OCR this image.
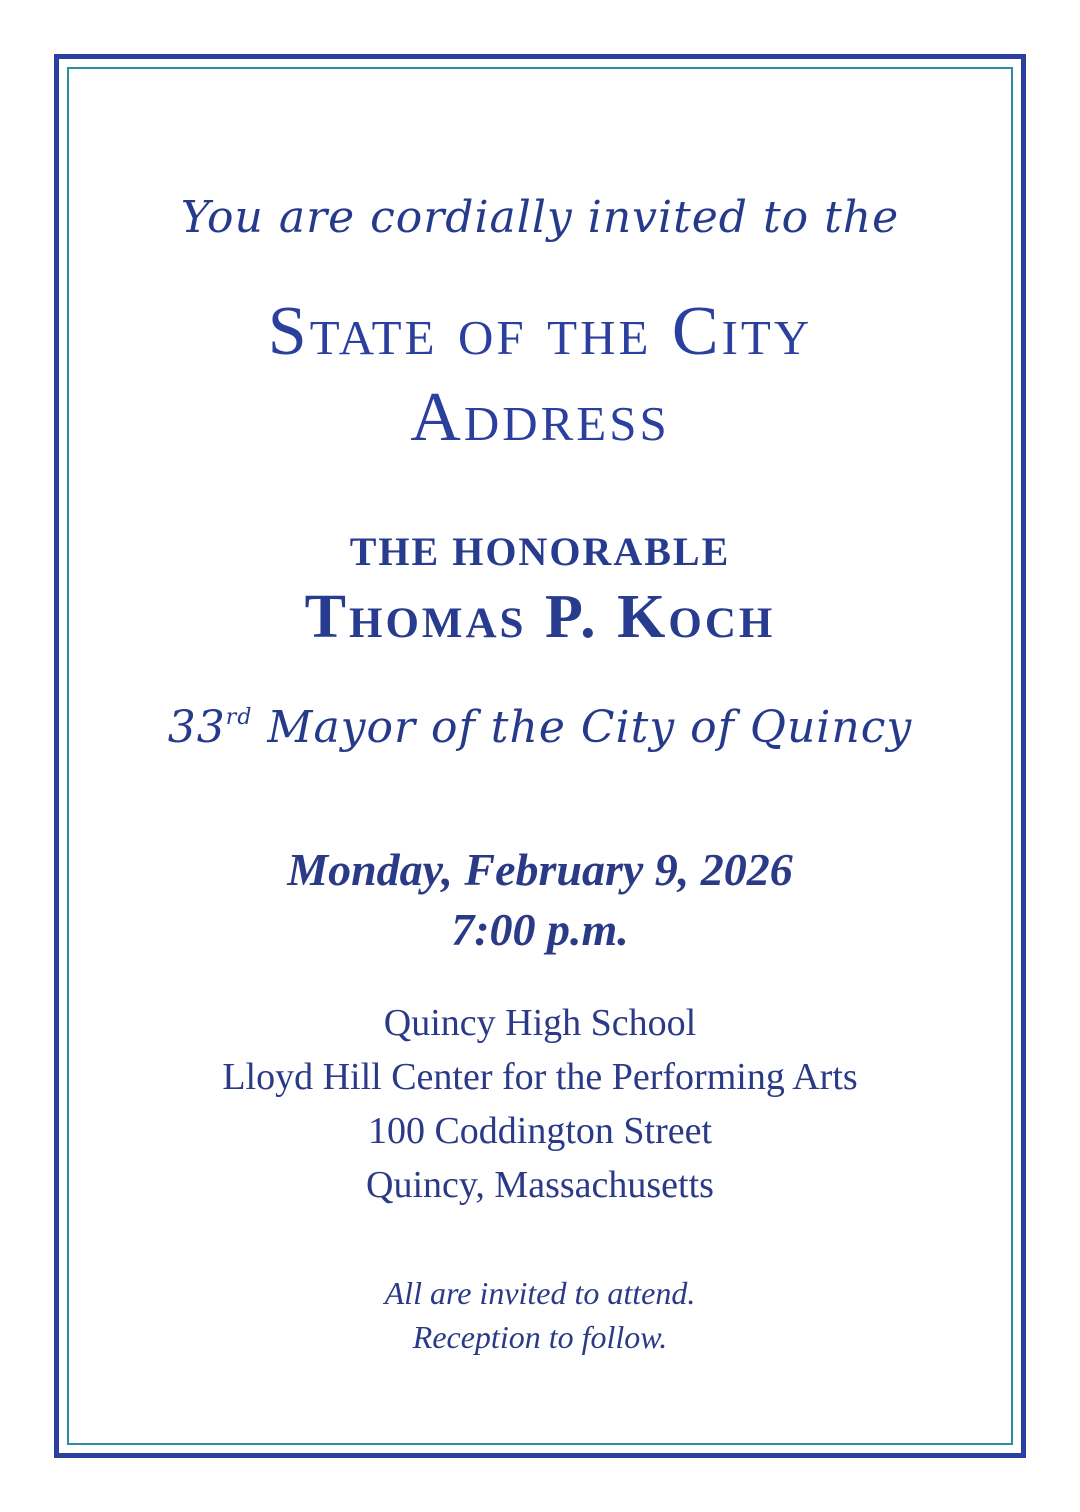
You are cordially invited to the
State of the City
Address
THE HONORABLE
Thomas P. Koch
33rd Mayor of the City of Quincy
Monday, February 9, 2026
7:00 p.m.
Quincy High School
Lloyd Hill Center for the Performing Arts
100 Coddington Street
Quincy, Massachusetts
All are invited to attend.
Reception to follow.
